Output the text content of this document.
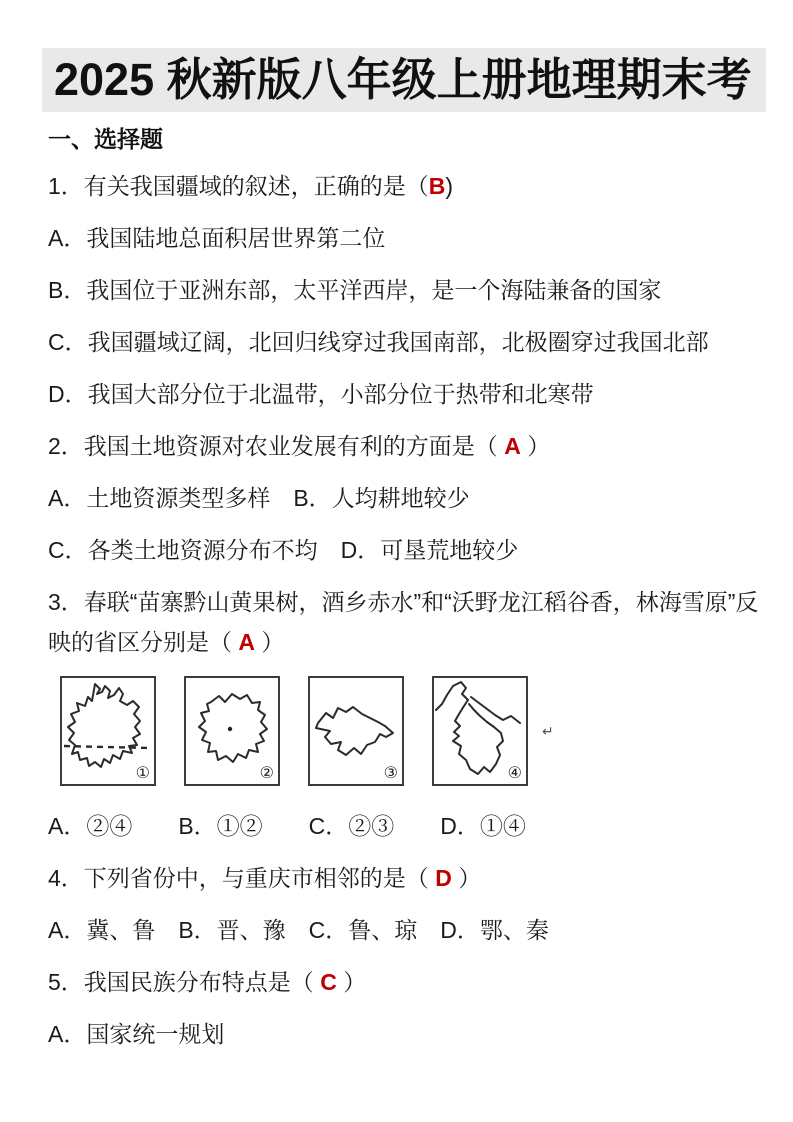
2025 秋新版八年级上册地理期末考
一、选择题

1．有关我国疆域的叙述，正确的是（B)

A．我国陆地总面积居世界第二位

B．我国位于亚洲东部，太平洋西岸，是一个海陆兼备的国家

C．我国疆域辽阔，北回归线穿过我国南部，北极圈穿过我国北部

D．我国大部分位于北温带，小部分位于热带和北寒带

2．我国土地资源对农业发展有利的方面是（ A ）

A．土地资源类型多样　B．人均耕地较少

C．各类土地资源分布不均　D．可垦荒地较少

3．春联“苗寨黔山黄果树，酒乡赤水”和“沃野龙江稻谷香，林海雪原”反映的省区分别是（ A ）

①	②	③	④
↵

A．②④　　B．①②　　C．②③　　D．①④

4．下列省份中，与重庆市相邻的是（ D ）

A．冀、鲁　B．晋、豫　C．鲁、琼　D．鄂、秦

5．我国民族分布特点是（ C ）

A．国家统一规划
